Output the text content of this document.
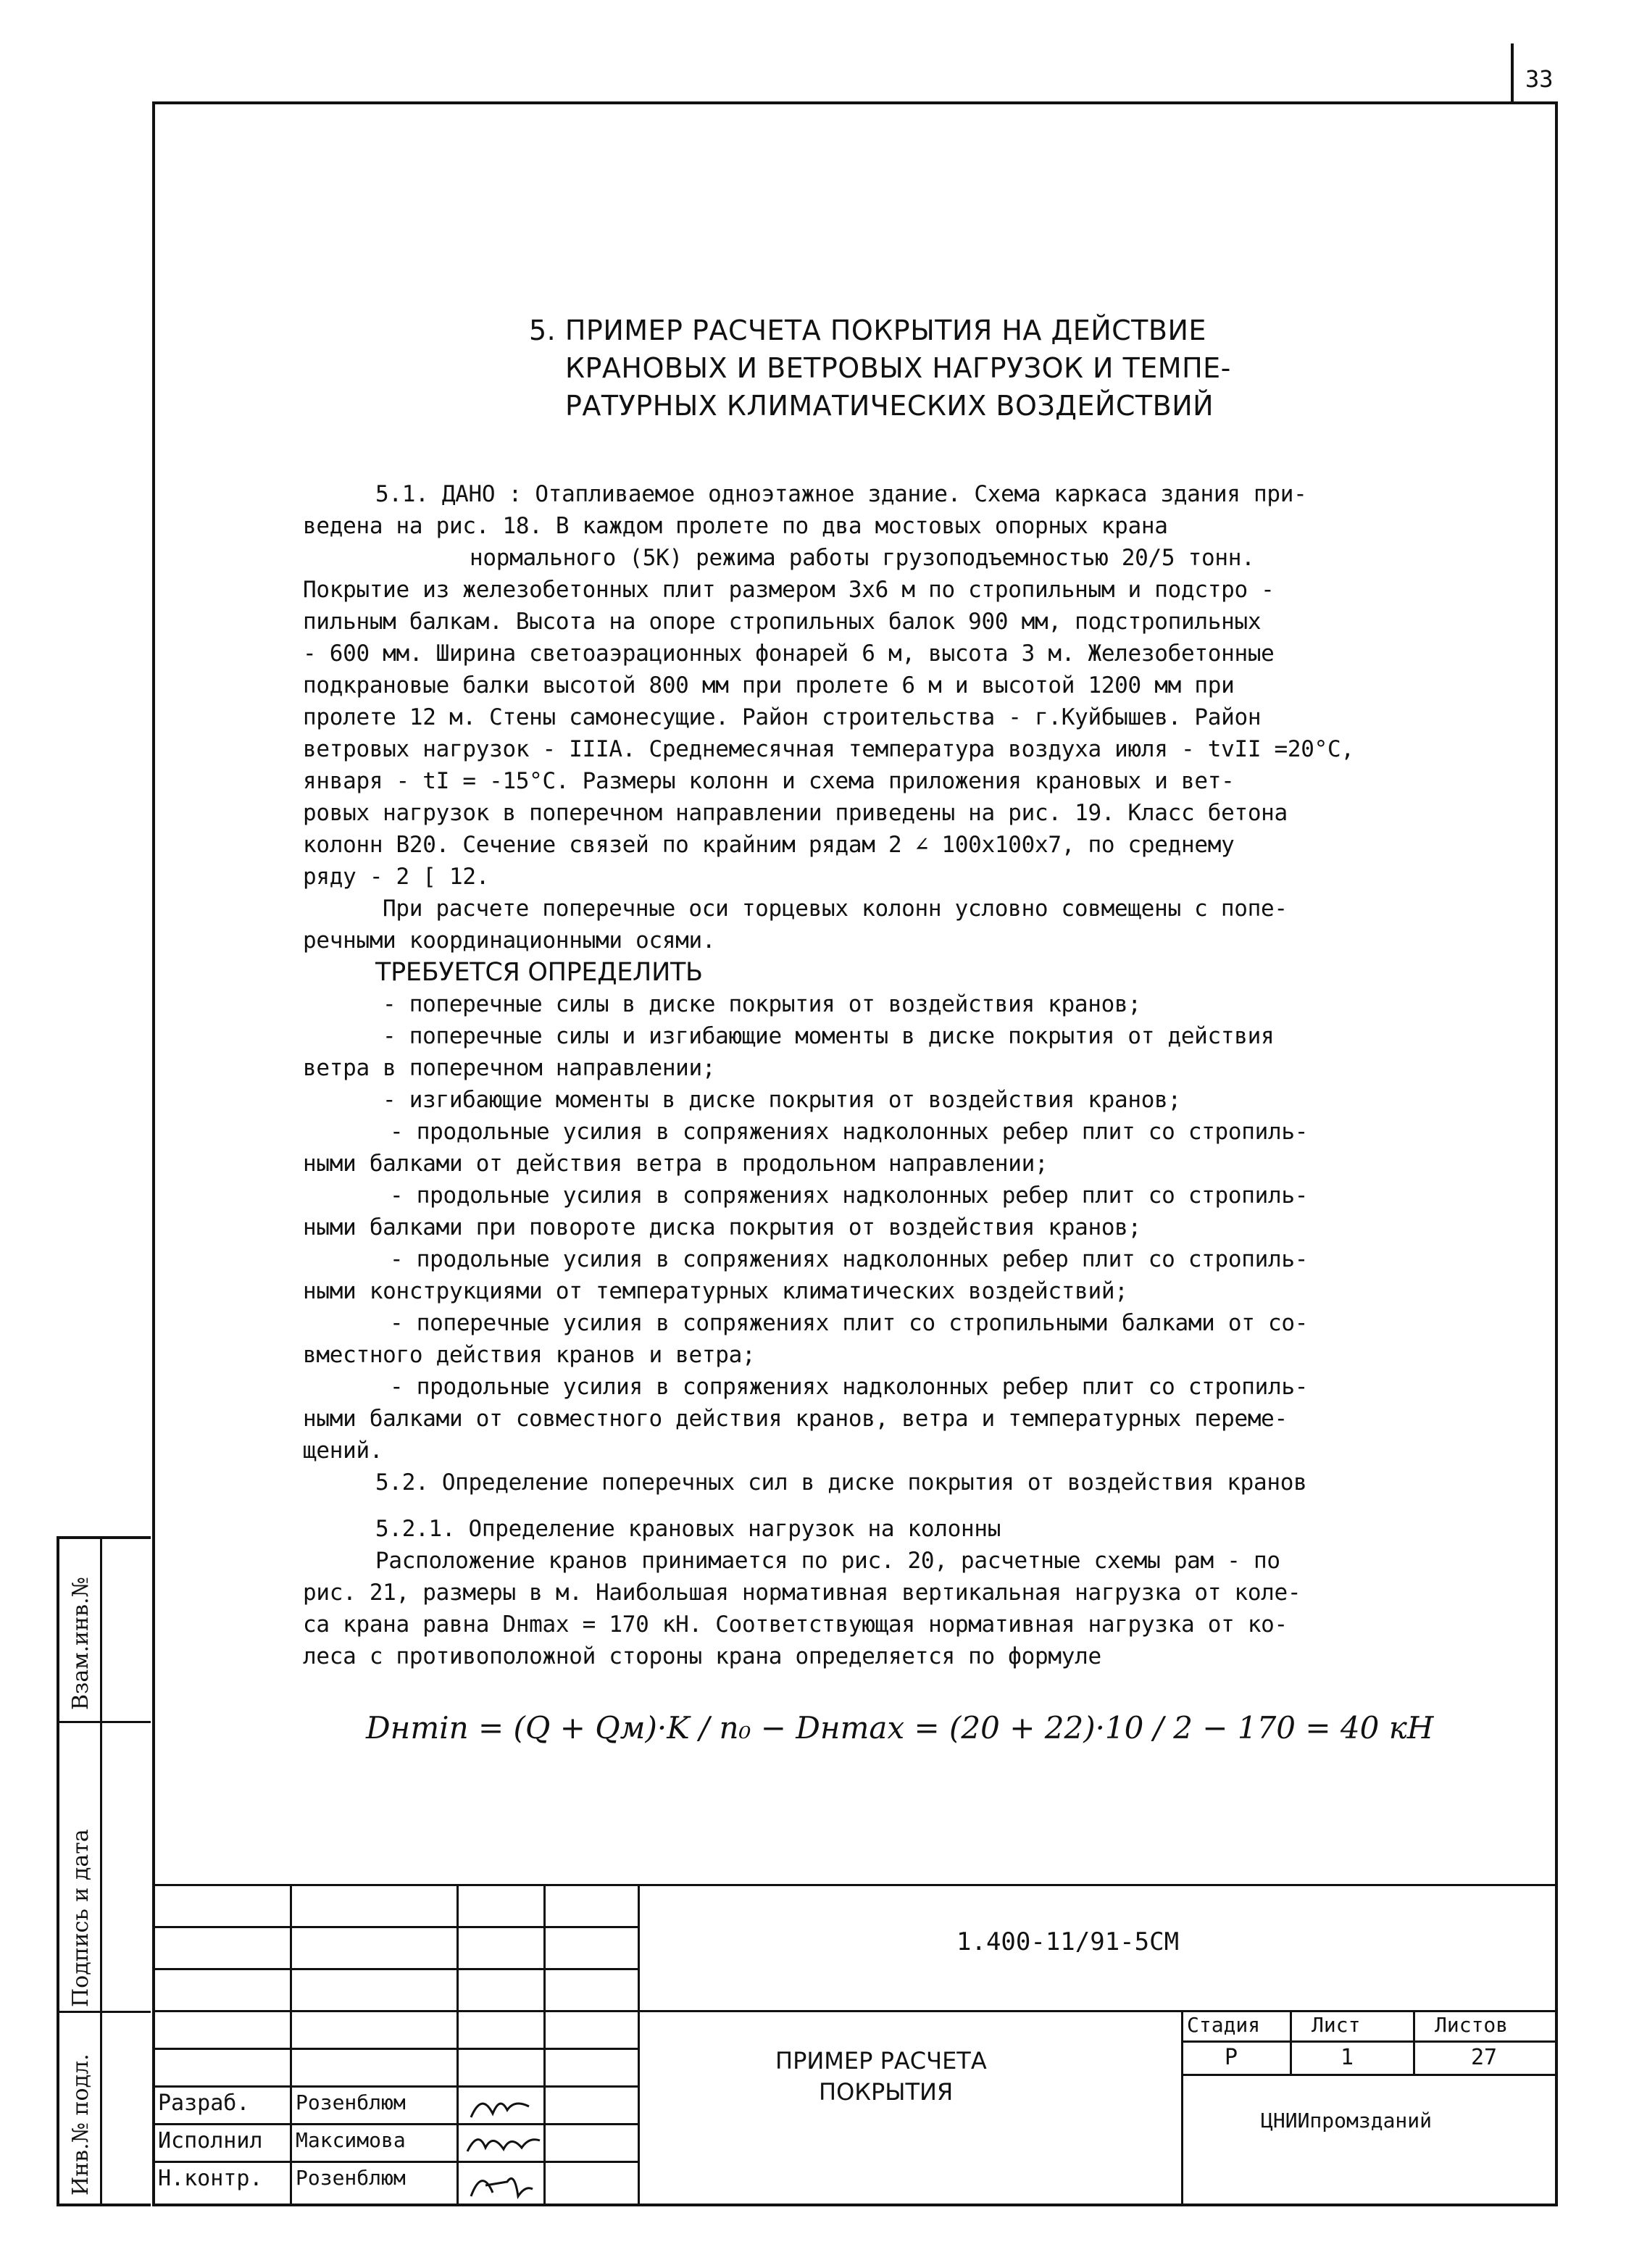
33
5. ПРИМЕР РАСЧЕТА ПОКРЫТИЯ НА ДЕЙСТВИЕ
КРАНОВЫХ И ВЕТРОВЫХ НАГРУЗОК И ТЕМПЕ-
РАТУРНЫХ КЛИМАТИЧЕСКИХ ВОЗДЕЙСТВИЙ

5.1. ДАНО : Отапливаемое одноэтажное здание. Схема каркаса здания при-

ведена на рис. 18. В каждом пролете по два мостовых опорных крана

нормального (5К) режима работы грузоподъемностью 20/5 тонн.

Покрытие из железобетонных плит размером 3х6 м по стропильным и подстро -

пильным балкам. Высота на опоре стропильных балок 900 мм, подстропильных

- 600 мм. Ширина светоаэрационных фонарей 6 м, высота 3 м. Железобетонные

подкрановые балки высотой 800 мм при пролете 6 м и высотой 1200 мм при

пролете 12 м. Стены самонесущие. Район строительства - г.Куйбышев. Район

ветровых нагрузок - IIIA. Среднемесячная температура воздуха июля - tvII =20°С,

января - tI = -15°С. Размеры колонн и схема приложения крановых и вет-

ровых нагрузок в поперечном направлении приведены на рис. 19. Класс бетона

колонн В20. Сечение связей по крайним рядам 2 ∠ 100х100х7, по среднему

ряду - 2 [ 12.

При расчете поперечные оси торцевых колонн условно совмещены с попе-

речными координационными осями.

ТРЕБУЕТСЯ ОПРЕДЕЛИТЬ

- поперечные силы в диске покрытия от воздействия кранов;

- поперечные силы и изгибающие моменты в диске покрытия от действия

ветра в поперечном направлении;

- изгибающие моменты в диске покрытия от воздействия кранов;

- продольные усилия в сопряжениях надколонных ребер плит со стропиль-

ными балками от действия ветра в продольном направлении;

- продольные усилия в сопряжениях надколонных ребер плит со стропиль-

ными балками при повороте диска покрытия от воздействия кранов;

- продольные усилия в сопряжениях надколонных ребер плит со стропиль-

ными конструкциями от температурных климатических воздействий;

- поперечные усилия в сопряжениях плит со стропильными балками от со-

вместного действия кранов и ветра;

- продольные усилия в сопряжениях надколонных ребер плит со стропиль-

ными балками от совместного действия кранов, ветра и температурных переме-

щений.

5.2. Определение поперечных сил в диске покрытия от воздействия кранов

5.2.1. Определение крановых нагрузок на колонны

Расположение кранов принимается по рис. 20, расчетные схемы рам - по

рис. 21, размеры в м. Наибольшая нормативная вертикальная нагрузка от коле-

са крана равна Dнmax = 170 кН. Соответствующая нормативная нагрузка от ко-

леса с противоположной стороны крана определяется по формуле

Dнmin = (Q + Qм)·K / n₀ − Dнmax = (20 + 22)·10 / 2 − 170 = 40 кН
Взам.инв.№
Подпись и дата
Инв.№ подл.
1.400-11/91-5СМ
ПРИМЕР РАСЧЕТА
ПОКРЫТИЯ
Стадия	Лист	Листов
Р	1	27
ЦНИИпромзданий
Разраб. Розенблюм
Исполнил Максимова
Н.контр. Розенблюм
